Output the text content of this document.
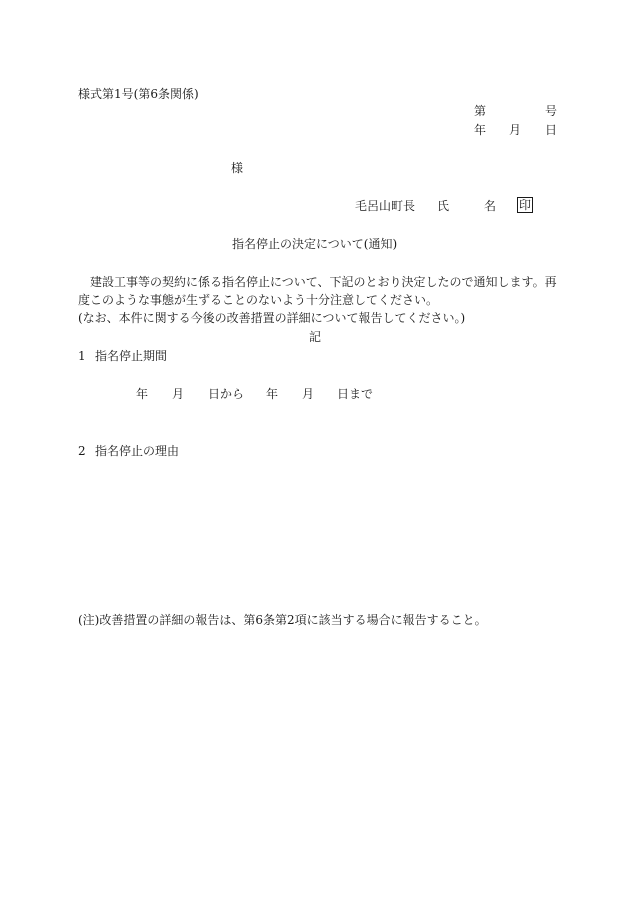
様式第1号(第6条関係)
第	号
年 月 日
様
毛呂山町長 氏	名 印
指名停止の決定について(通知)
建設工事等の契約に係る指名停止について、下記のとおり決定したので通知します。再度このような事態が生ずることのないよう十分注意してください。
(なお、本件に関する今後の改善措置の詳細について報告してください。)
記
1 指名停止期間
年 月 日から 年 月 日まで
2 指名停止の理由
(注)改善措置の詳細の報告は、第6条第2項に該当する場合に報告すること。
